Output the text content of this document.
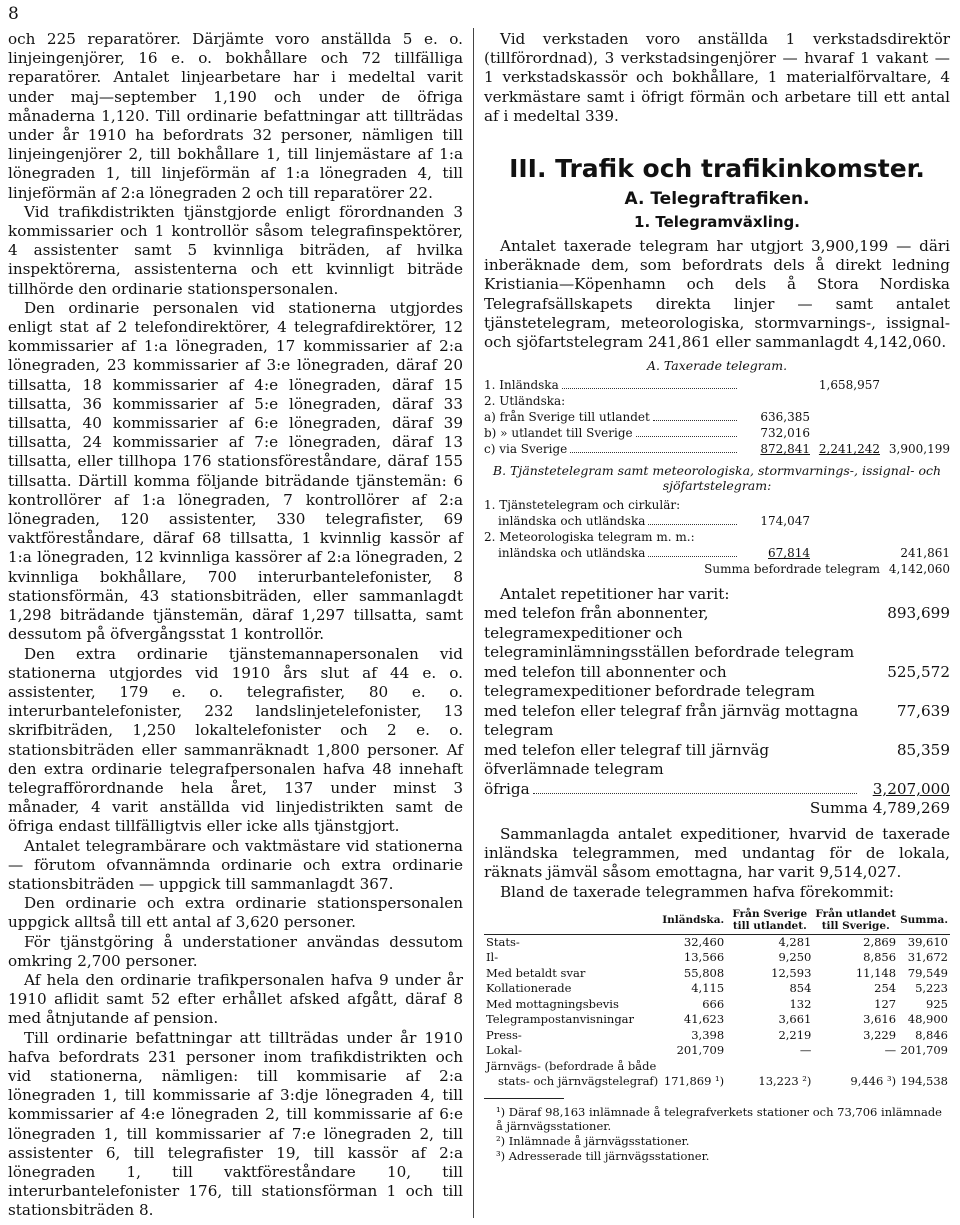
8

och 225 reparatörer. Därjämte voro anställda 5 e. o. linjeingenjörer, 16 e. o. bokhållare och 72 tillfälliga reparatörer. Antalet linjearbetare har i medeltal varit under maj—september 1,190 och under de öfriga månaderna 1,120. Till ordinarie befattningar att tillträdas under år 1910 ha befordrats 32 personer, nämligen till linjeingenjörer 2, till bokhållare 1, till linjemästare af 1:a lönegraden 1, till linjeförmän af 1:a lönegraden 4, till linjeförmän af 2:a lönegraden 2 och till reparatörer 22.

Vid trafikdistrikten tjänstgjorde enligt förordnanden 3 kommissarier och 1 kontrollör såsom telegrafinspektörer, 4 assistenter samt 5 kvinnliga biträden, af hvilka inspektörerna, assistenterna och ett kvinnligt biträde tillhörde den ordinarie stationspersonalen.

Den ordinarie personalen vid stationerna utgjordes enligt stat af 2 telefondirektörer, 4 telegrafdirektörer, 12 kommissarier af 1:a lönegraden, 17 kommissarier af 2:a lönegraden, 23 kommissarier af 3:e lönegraden, däraf 20 tillsatta, 18 kommissarier af 4:e lönegraden, däraf 15 tillsatta, 36 kommissarier af 5:e lönegraden, däraf 33 tillsatta, 40 kommissarier af 6:e lönegraden, däraf 39 tillsatta, 24 kommissarier af 7:e lönegraden, däraf 13 tillsatta, eller tillhopa 176 stationsföreståndare, däraf 155 tillsatta. Därtill komma följande biträdande tjänstemän: 6 kontrollörer af 1:a lönegraden, 7 kontrollörer af 2:a lönegraden, 120 assistenter, 330 telegrafister, 69 vaktföreståndare, däraf 68 tillsatta, 1 kvinnlig kassör af 1:a lönegraden, 12 kvinnliga kassörer af 2:a lönegraden, 2 kvinnliga bokhållare, 700 interurbantelefonister, 8 stationsförmän, 43 stationsbiträden, eller sammanlagdt 1,298 biträdande tjänstemän, däraf 1,297 tillsatta, samt dessutom på öfvergångsstat 1 kontrollör.

Den extra ordinarie tjänstemannapersonalen vid stationerna utgjordes vid 1910 års slut af 44 e. o. assistenter, 179 e. o. telegrafister, 80 e. o. interurbantelefonister, 232 landslinjetelefonister, 13 skrifbiträden, 1,250 lokaltelefonister och 2 e. o. stationsbiträden eller sammanräknadt 1,800 personer. Af den extra ordinarie telegrafpersonalen hafva 48 innehaft telegrafförordnande hela året, 137 under minst 3 månader, 4 varit anställda vid linjedistrikten samt de öfriga endast tillfälligtvis eller icke alls tjänstgjort.

Antalet telegrambärare och vaktmästare vid stationerna — förutom ofvannämnda ordinarie och extra ordinarie stationsbiträden — uppgick till sammanlagdt 367.

Den ordinarie och extra ordinarie stationspersonalen uppgick alltså till ett antal af 3,620 personer.

För tjänstgöring å understationer användas dessutom omkring 2,700 personer.

Af hela den ordinarie trafikpersonalen hafva 9 under år 1910 aflidit samt 52 efter erhållet afsked afgått, däraf 8 med åtnjutande af pension.

Till ordinarie befattningar att tillträdas under år 1910 hafva befordrats 231 personer inom trafikdistrikten och vid stationerna, nämligen: till kommisarie af 2:a lönegraden 1, till kommissarie af 3:dje lönegraden 4, till kommissarier af 4:e lönegraden 2, till kommissarie af 6:e lönegraden 1, till kommissarier af 7:e lönegraden 2, till assistenter 6, till telegrafister 19, till kassör af 2:a lönegraden 1, till vaktföreståndare 10, till interurbantelefonister 176, till stationsförman 1 och till stationsbiträden 8.

Vid verkstaden voro anställda 1 verkstadsdirektör (tillförordnad), 3 verkstadsingenjörer — hvaraf 1 vakant — 1 verkstadskassör och bokhållare, 1 materialförvaltare, 4 verkmästare samt i öfrigt förmän och arbetare till ett antal af i medeltal 339.

III. Trafik och trafikinkomster.
A. Telegraftrafiken.
1. Telegramväxling.

Antalet taxerade telegram har utgjort 3,900,199 — däri inberäknade dem, som befordrats dels å direkt ledning Kristiania—Köpenhamn och dels å Stora Nordiska Telegrafsällskapets direkta linjer — samt antalet tjänstetelegram, meteorologiska, stormvarnings-, issignal- och sjöfartstelegram 241,861 eller sammanlagdt 4,142,060.

A. Taxerade telegram.
1. Inländska	1,658,957
2. Utländska:
a) från Sverige till utlandet	636,385
b) » utlandet till Sverige	732,016
c) via Sverige	872,841 2,241,242 3,900,199
B. Tjänstetelegram samt meteorologiska, stormvarnings-, issignal- och sjöfartstelegram:
1. Tjänstetelegram och cirkulär:
inländska och utländska	174,047
2. Meteorologiska telegram m. m.:
inländska och utländska	67,814	241,861
Summa befordrade telegram 4,142,060

Antalet repetitioner har varit:

med telefon från abonnenter, telegramexpeditioner och telegraminlämningsställen befordrade telegram
893,699
med telefon till abonnenter och telegramexpeditioner befordrade telegram
525,572
med telefon eller telegraf från järnväg mottagna telegram
77,639
med telefon eller telegraf till järnväg öfverlämnade telegram
85,359
öfriga	3,207,000
Summa 4,789,269

Sammanlagda antalet expeditioner, hvarvid de taxerade inländska telegrammen, med undantag för de lokala, räknats jämväl såsom emottagna, har varit 9,514,027.

Bland de taxerade telegrammen hafva förekommit:

	Inländska.	Från Sverige till utlandet.	Från utlandet till Sverige.	Summa.
Stats-	32,460	4,281	2,869	39,610
Il-	13,566	9,250	8,856	31,672
Med betaldt svar	55,808	12,593	11,148	79,549
Kollationerade	4,115	854	254	5,223
Med mottagningsbevis	666	132	127	925
Telegrampostanvisningar	41,623	3,661	3,616	48,900
Press-	3,398	2,219	3,229	8,846
Lokal-	201,709	—	—	201,709
Järnvägs- (befordrade å både				
stats- och järnvägstelegraf)	171,869 ¹)	13,223 ²)	9,446 ³)	194,538
¹) Däraf 98,163 inlämnade å telegrafverkets stationer och 73,706 inlämnade å järnvägsstationer.
²) Inlämnade å järnvägsstationer.
³) Adresserade till järnvägsstationer.
